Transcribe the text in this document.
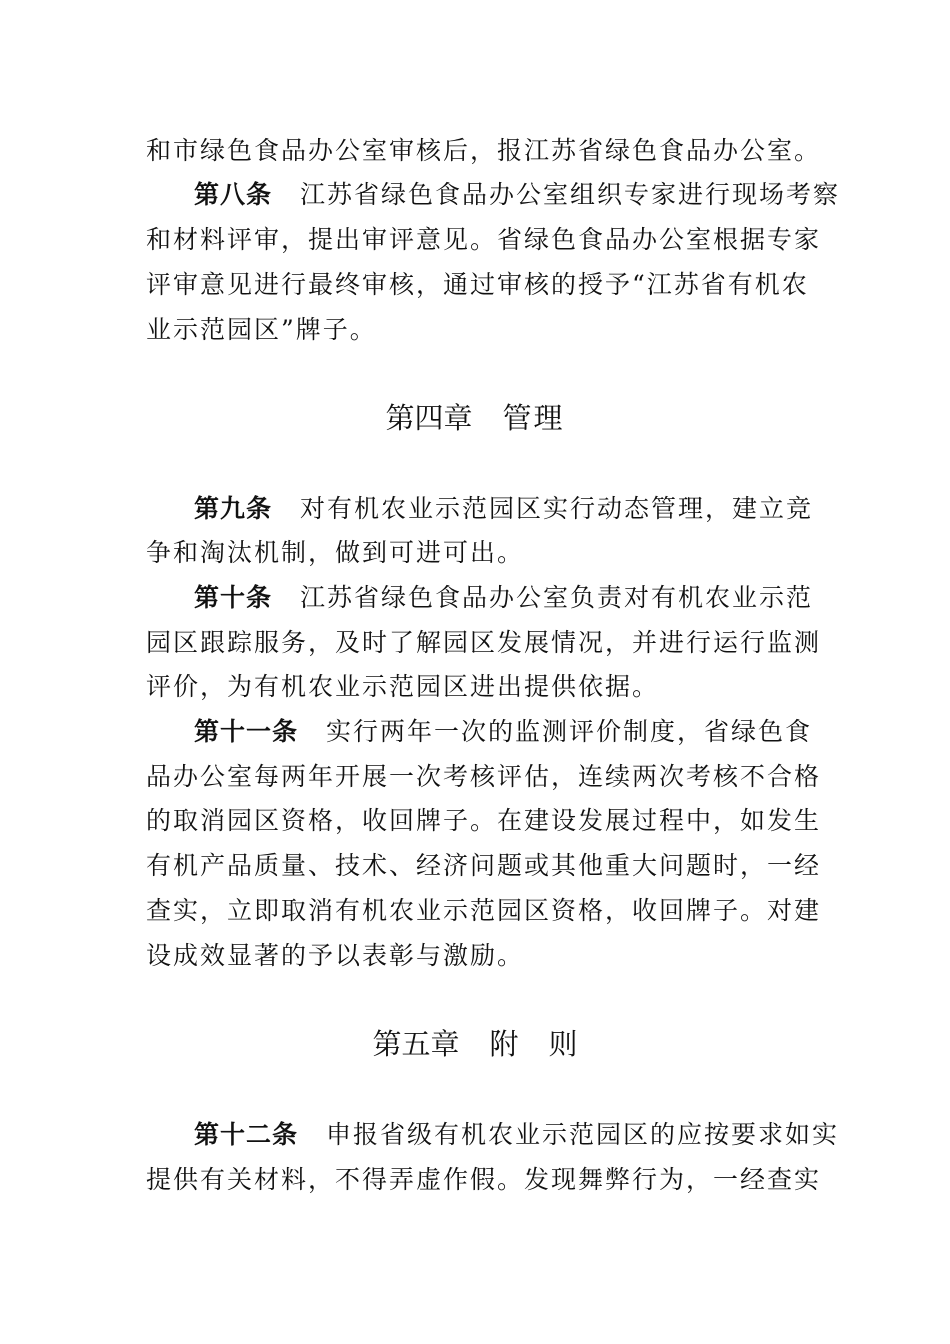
和市绿色食品办公室审核后，报江苏省绿色食品办公室。
第八条 江苏省绿色食品办公室组织专家进行现场考察
和材料评审，提出审评意见。省绿色食品办公室根据专家
评审意见进行最终审核，通过审核的授予“江苏省有机农
业示范园区”牌子。
第四章 管理
第九条 对有机农业示范园区实行动态管理，建立竞
争和淘汰机制，做到可进可出。
第十条 江苏省绿色食品办公室负责对有机农业示范
园区跟踪服务，及时了解园区发展情况，并进行运行监测
评价，为有机农业示范园区进出提供依据。
第十一条 实行两年一次的监测评价制度，省绿色食
品办公室每两年开展一次考核评估，连续两次考核不合格
的取消园区资格，收回牌子。在建设发展过程中，如发生
有机产品质量、技术、经济问题或其他重大问题时，一经
查实，立即取消有机农业示范园区资格，收回牌子。对建
设成效显著的予以表彰与激励。
第五章 附则
第十二条 申报省级有机农业示范园区的应按要求如实
提供有关材料，不得弄虚作假。发现舞弊行为，一经查实
